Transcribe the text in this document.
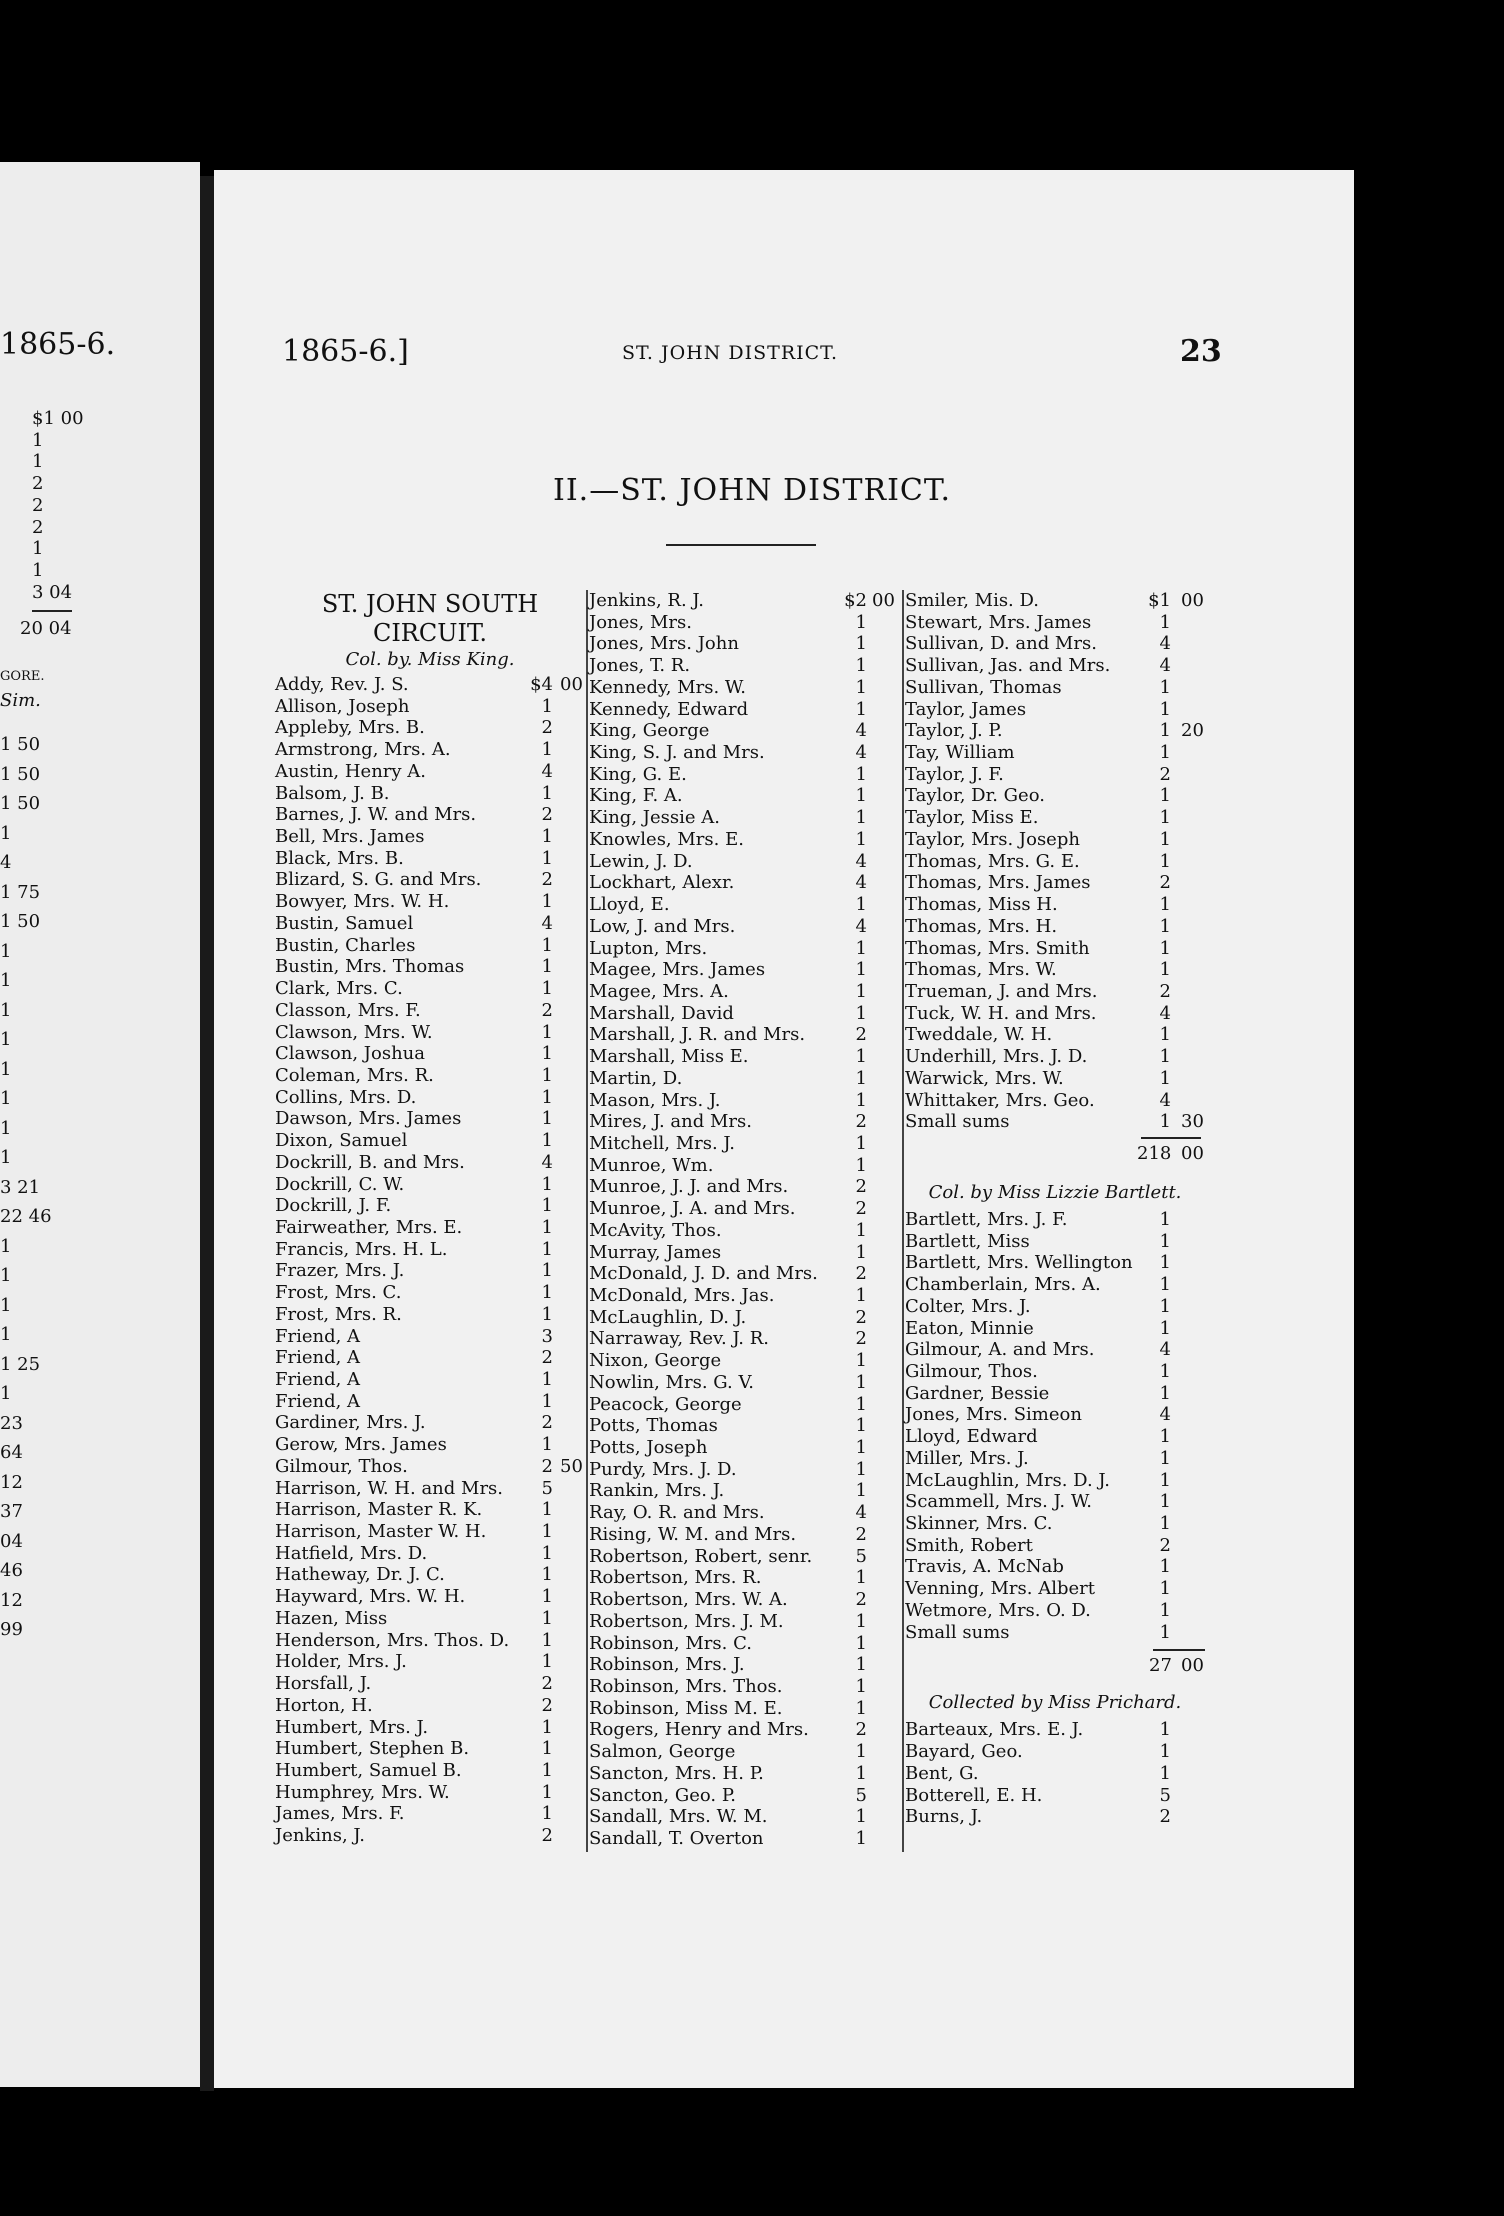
1865-6.
$1 00
1
1
2
2
2
1
1
3 04
20 04
GORE.
Sim.
1 50
1 50
1 50
1
4
1 75
1 50
1
1
1
1
1
1
1
1
3 21
22 46
1
1
1
1
1 25
1
23
64
12
37
04
46
12
99
1865-6.]	ST. JOHN DISTRICT.	23
II.—ST. JOHN DISTRICT.
ST. JOHN SOUTH
CIRCUIT.
Col. by. Miss King.
Addy, Rev. J. S.	$4 00
Allison, Joseph	1
Appleby, Mrs. B.	2
Armstrong, Mrs. A.	1
Austin, Henry A.	4
Balsom, J. B.	1
Barnes, J. W. and Mrs.	2
Bell, Mrs. James	1
Black, Mrs. B.	1
Blizard, S. G. and Mrs.	2
Bowyer, Mrs. W. H.	1
Bustin, Samuel	4
Bustin, Charles	1
Bustin, Mrs. Thomas	1
Clark, Mrs. C.	1
Classon, Mrs. F.	2
Clawson, Mrs. W.	1
Clawson, Joshua	1
Coleman, Mrs. R.	1
Collins, Mrs. D.	1
Dawson, Mrs. James	1
Dixon, Samuel	1
Dockrill, B. and Mrs.	4
Dockrill, C. W.	1
Dockrill, J. F.	1
Fairweather, Mrs. E.	1
Francis, Mrs. H. L.	1
Frazer, Mrs. J.	1
Frost, Mrs. C.	1
Frost, Mrs. R.	1
Friend, A	3
Friend, A	2
Friend, A	1
Friend, A	1
Gardiner, Mrs. J.	2
Gerow, Mrs. James	1
Gilmour, Thos.	2 50
Harrison, W. H. and Mrs. 5
Harrison, Master R. K.	1
Harrison, Master W. H.	1
Hatfield, Mrs. D.	1
Hatheway, Dr. J. C.	1
Hayward, Mrs. W. H.	1
Hazen, Miss	1
Henderson, Mrs. Thos. D. 1
Holder, Mrs. J.	1
Horsfall, J.	2
Horton, H.	2
Humbert, Mrs. J.	1
Humbert, Stephen B.	1
Humbert, Samuel B.	1
Humphrey, Mrs. W.	1
James, Mrs. F.	1
Jenkins, J.	2
Jenkins, R. J.	$2 00
Jones, Mrs.	1
Jones, Mrs. John	1
Jones, T. R.	1
Kennedy, Mrs. W.	1
Kennedy, Edward	1
King, George	4
King, S. J. and Mrs.	4
King, G. E.	1
King, F. A.	1
King, Jessie A.	1
Knowles, Mrs. E.	1
Lewin, J. D.	4
Lockhart, Alexr.	4
Lloyd, E.	1
Low, J. and Mrs.	4
Lupton, Mrs.	1
Magee, Mrs. James	1
Magee, Mrs. A.	1
Marshall, David	1
Marshall, J. R. and Mrs.	2
Marshall, Miss E.	1
Martin, D.	1
Mason, Mrs. J.	1
Mires, J. and Mrs.	2
Mitchell, Mrs. J.	1
Munroe, Wm.	1
Munroe, J. J. and Mrs.	2
Munroe, J. A. and Mrs.	2
McAvity, Thos.	1
Murray, James	1
McDonald, J. D. and Mrs. 2
McDonald, Mrs. Jas.	1
McLaughlin, D. J.	2
Narraway, Rev. J. R.	2
Nixon, George	1
Nowlin, Mrs. G. V.	1
Peacock, George	1
Potts, Thomas	1
Potts, Joseph	1
Purdy, Mrs. J. D.	1
Rankin, Mrs. J.	1
Ray, O. R. and Mrs.	4
Rising, W. M. and Mrs.	2
Robertson, Robert, senr. 5
Robertson, Mrs. R.	1
Robertson, Mrs. W. A.	2
Robertson, Mrs. J. M.	1
Robinson, Mrs. C.	1
Robinson, Mrs. J.	1
Robinson, Mrs. Thos.	1
Robinson, Miss M. E.	1
Rogers, Henry and Mrs.	2
Salmon, George	1
Sancton, Mrs. H. P.	1
Sancton, Geo. P.	5
Sandall, Mrs. W. M.	1
Sandall, T. Overton	1
Smiler, Mis. D.	$1 00
Stewart, Mrs. James	1
Sullivan, D. and Mrs.	4
Sullivan, Jas. and Mrs.	4
Sullivan, Thomas	1
Taylor, James	1
Taylor, J. P.	1 20
Tay, William	1
Taylor, J. F.	2
Taylor, Dr. Geo.	1
Taylor, Miss E.	1
Taylor, Mrs. Joseph	1
Thomas, Mrs. G. E.	1
Thomas, Mrs. James	2
Thomas, Miss H.	1
Thomas, Mrs. H.	1
Thomas, Mrs. Smith	1
Thomas, Mrs. W.	1
Trueman, J. and Mrs.	2
Tuck, W. H. and Mrs.	4
Tweddale, W. H.	1
Underhill, Mrs. J. D.	1
Warwick, Mrs. W.	1
Whittaker, Mrs. Geo.	4
Small sums	1 30
218 00
Col. by Miss Lizzie Bartlett.
Bartlett, Mrs. J. F.	1
Bartlett, Miss	1
Bartlett, Mrs. Wellington 1
Chamberlain, Mrs. A.	1
Colter, Mrs. J.	1
Eaton, Minnie	1
Gilmour, A. and Mrs.	4
Gilmour, Thos.	1
Gardner, Bessie	1
Jones, Mrs. Simeon	4
Lloyd, Edward	1
Miller, Mrs. J.	1
McLaughlin, Mrs. D. J.	1
Scammell, Mrs. J. W.	1
Skinner, Mrs. C.	1
Smith, Robert	2
Travis, A. McNab	1
Venning, Mrs. Albert	1
Wetmore, Mrs. O. D.	1
Small sums	1
27 00
Collected by Miss Prichard.
Barteaux, Mrs. E. J.	1
Bayard, Geo.	1
Bent, G.	1
Botterell, E. H.	5
Burns, J.	2
